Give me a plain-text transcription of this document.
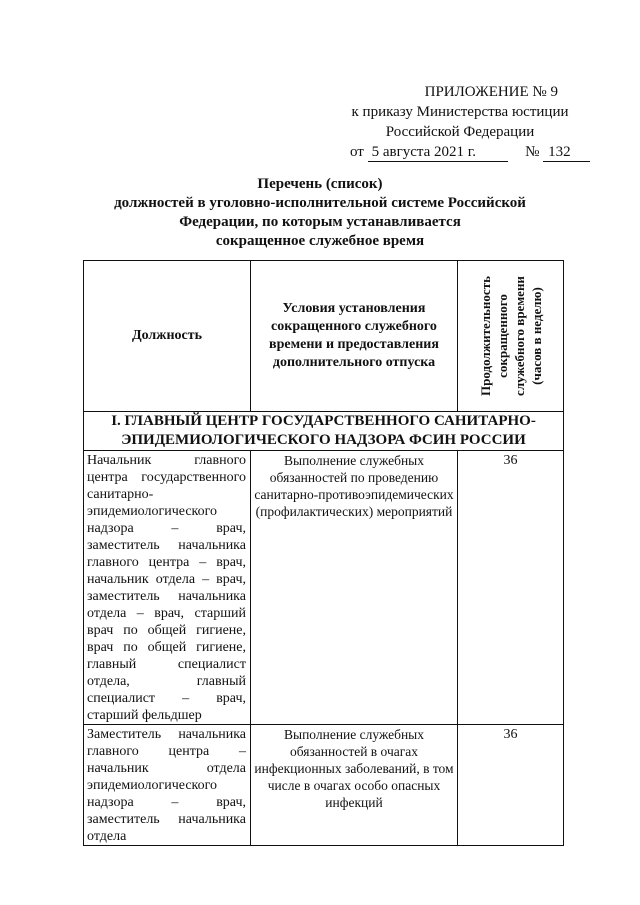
ПРИЛОЖЕНИЕ № 9
к приказу Министерства юстиции
Российской Федерации
от 5 августа 2021 г.	№ 132
Перечень (список)
должностей в уголовно-исполнительной системе Российской
Федерации, по которым устанавливается
сокращенное служебное время
Должность	Условия установления сокращенного служебного времени и предоставления дополнительного отпуска	Продолжительность сокращенного служебного времени (часов в неделю)

I. ГЛАВНЫЙ ЦЕНТР ГОСУДАРСТВЕННОГО САНИТАРНО-
ЭПИДЕМИОЛОГИЧЕСКОГО НАДЗОРА ФСИН РОССИИ		

Начальник главного центра государственного санитарно-эпидемиологического надзора – врач, заместитель начальника главного центра – врач, начальник отдела – врач, заместитель начальника отдела – врач, старший врач по общей гигиене, врач по общей гигиене, главный специалист отдела, главный специалист – врач, старший фельдшер	Выполнение служебных обязанностей по проведению санитарно-противоэпидемических (профилактических) мероприятий	36
Заместитель начальника главного центра – начальник отдела эпидемиологического надзора – врач, заместитель начальника отдела	Выполнение служебных обязанностей в очагах инфекционных заболеваний, в том числе в очагах особо опасных инфекций	36
